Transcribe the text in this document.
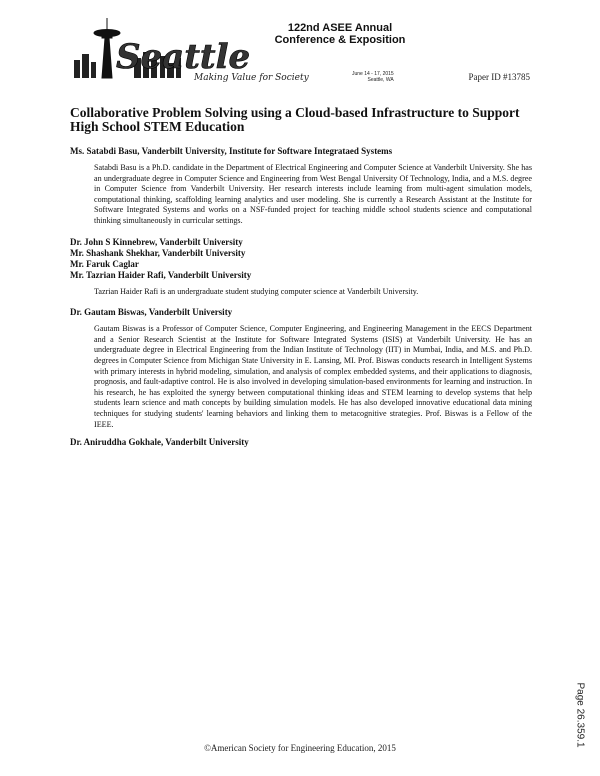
Seattle
Making Value for Society
122nd ASEE Annual
Conference & Exposition
June 14 - 17, 2015
Seattle, WA	Paper ID #13785
Collaborative Problem Solving using a Cloud-based Infrastructure to Support High School STEM Education

Ms. Satabdi Basu, Vanderbilt University, Institute for Software Integrataed Systems

Satabdi Basu is a Ph.D. candidate in the Department of Electrical Engineering and Computer Science at Vanderbilt University. She has an undergraduate degree in Computer Science and Engineering from West Bengal University Of Technology, India, and a M.S. degree in Computer Science from Vanderbilt University. Her research interests include learning from multi-agent simulation models, computational thinking, scaffolding learning analytics and user modeling. She is currently a Research Assistant at the Institute for Software Integrated Systems and works on a NSF-funded project for teaching middle school students science and computational thinking simultaneously in curricular settings.

Dr. John S Kinnebrew, Vanderbilt University

Mr. Shashank Shekhar, Vanderbilt University

Mr. Faruk Caglar

Mr. Tazrian Haider Rafi, Vanderbilt University

Tazrian Haider Rafi is an undergraduate student studying computer science at Vanderbilt University.

Dr. Gautam Biswas, Vanderbilt University

Gautam Biswas is a Professor of Computer Science, Computer Engineering, and Engineering Management in the EECS Department and a Senior Research Scientist at the Institute for Software Integrated Systems (ISIS) at Vanderbilt University. He has an undergraduate degree in Electrical Engineering from the Indian Institute of Technology (IIT) in Mumbai, India, and M.S. and Ph.D. degrees in Computer Science from Michigan State University in E. Lansing, MI. Prof. Biswas conducts research in Intelligent Systems with primary interests in hybrid modeling, simulation, and analysis of complex embedded systems, and their applications to diagnosis, prognosis, and fault-adaptive control. He is also involved in developing simulation-based environments for learning and instruction. In his research, he has exploited the synergy between computational thinking ideas and STEM learning to develop systems that help students learn science and math concepts by building simulation models. He has also developed innovative educational data mining techniques for studying students' learning behaviors and linking them to metacognitive strategies. Prof. Biswas is a Fellow of the IEEE.

Dr. Aniruddha Gokhale, Vanderbilt University

Page 26.359.1
©American Society for Engineering Education, 2015
